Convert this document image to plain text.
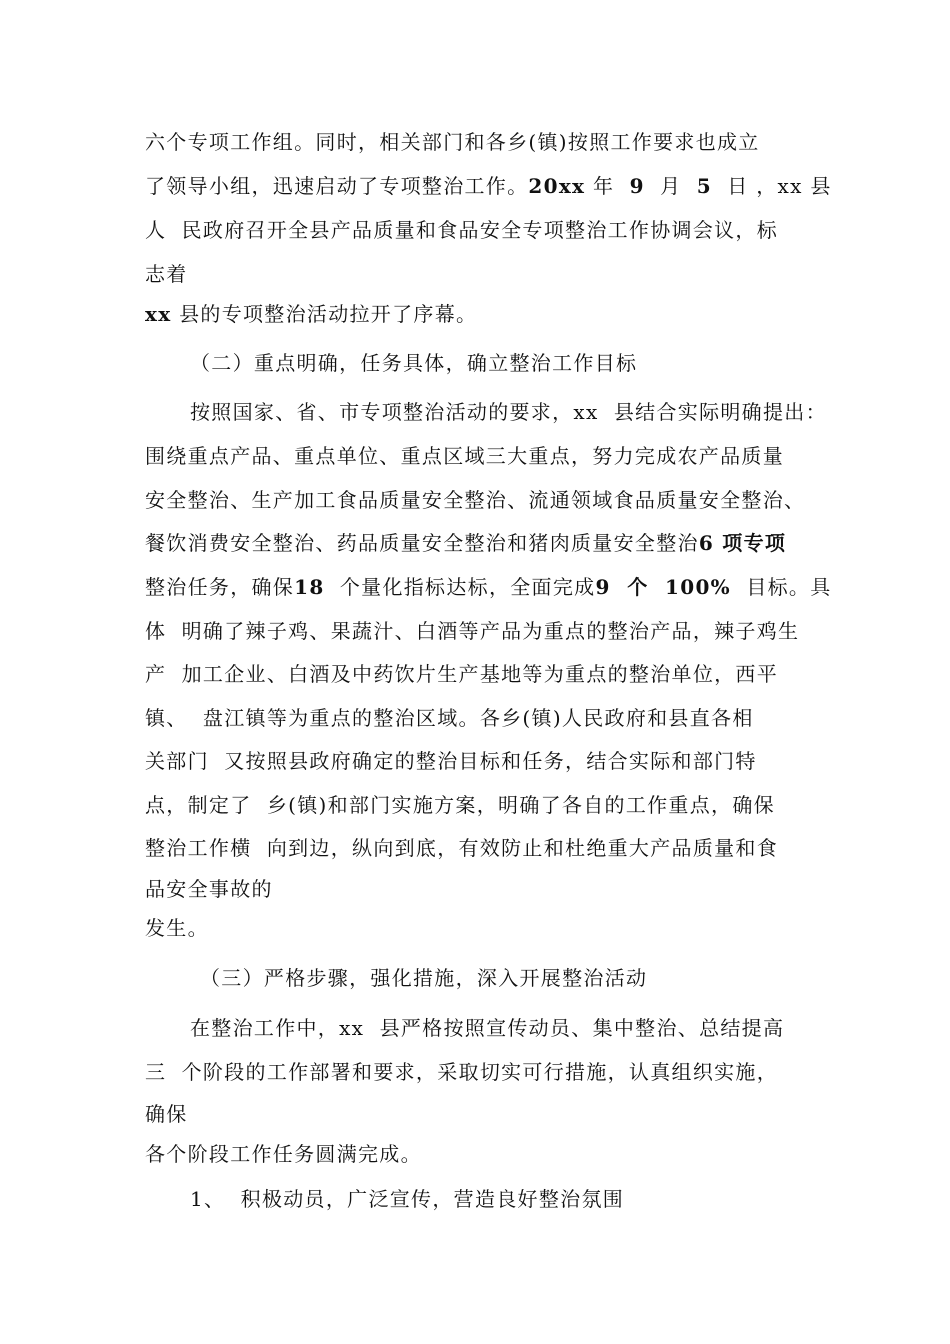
六个专项工作组。同时，相关部门和各乡(镇)按照工作要求也成立
了领导小组，迅速启动了专项整治工作。20xx 年  9  月  5  日 ，xx 县
人  民政府召开全县产品质量和食品安全专项整治工作协调会议，标
志着
xx 县的专项整治活动拉开了序幕。
（二）重点明确，任务具体，确立整治工作目标
按照国家、省、市专项整治活动的要求，xx  县结合实际明确提出：
围绕重点产品、重点单位、重点区域三大重点，努力完成农产品质量
安全整治、生产加工食品质量安全整治、流通领域食品质量安全整治、
餐饮消费安全整治、药品质量安全整治和猪肉质量安全整治6 项专项
整治任务，确保18  个量化指标达标，全面完成9  个  100%  目标。具
体  明确了辣子鸡、果蔬汁、白酒等产品为重点的整治产品，辣子鸡生
产  加工企业、白酒及中药饮片生产基地等为重点的整治单位，西平
镇、  盘江镇等为重点的整治区域。各乡(镇)人民政府和县直各相
关部门  又按照县政府确定的整治目标和任务，结合实际和部门特
点，制定了  乡(镇)和部门实施方案，明确了各自的工作重点，确保
整治工作横  向到边，纵向到底，有效防止和杜绝重大产品质量和食
品安全事故的
发生。
（三）严格步骤，强化措施，深入开展整治活动
在整治工作中，xx  县严格按照宣传动员、集中整治、总结提高
三  个阶段的工作部署和要求，采取切实可行措施，认真组织实施，
确保
各个阶段工作任务圆满完成。
1、  积极动员，广泛宣传，营造良好整治氛围
